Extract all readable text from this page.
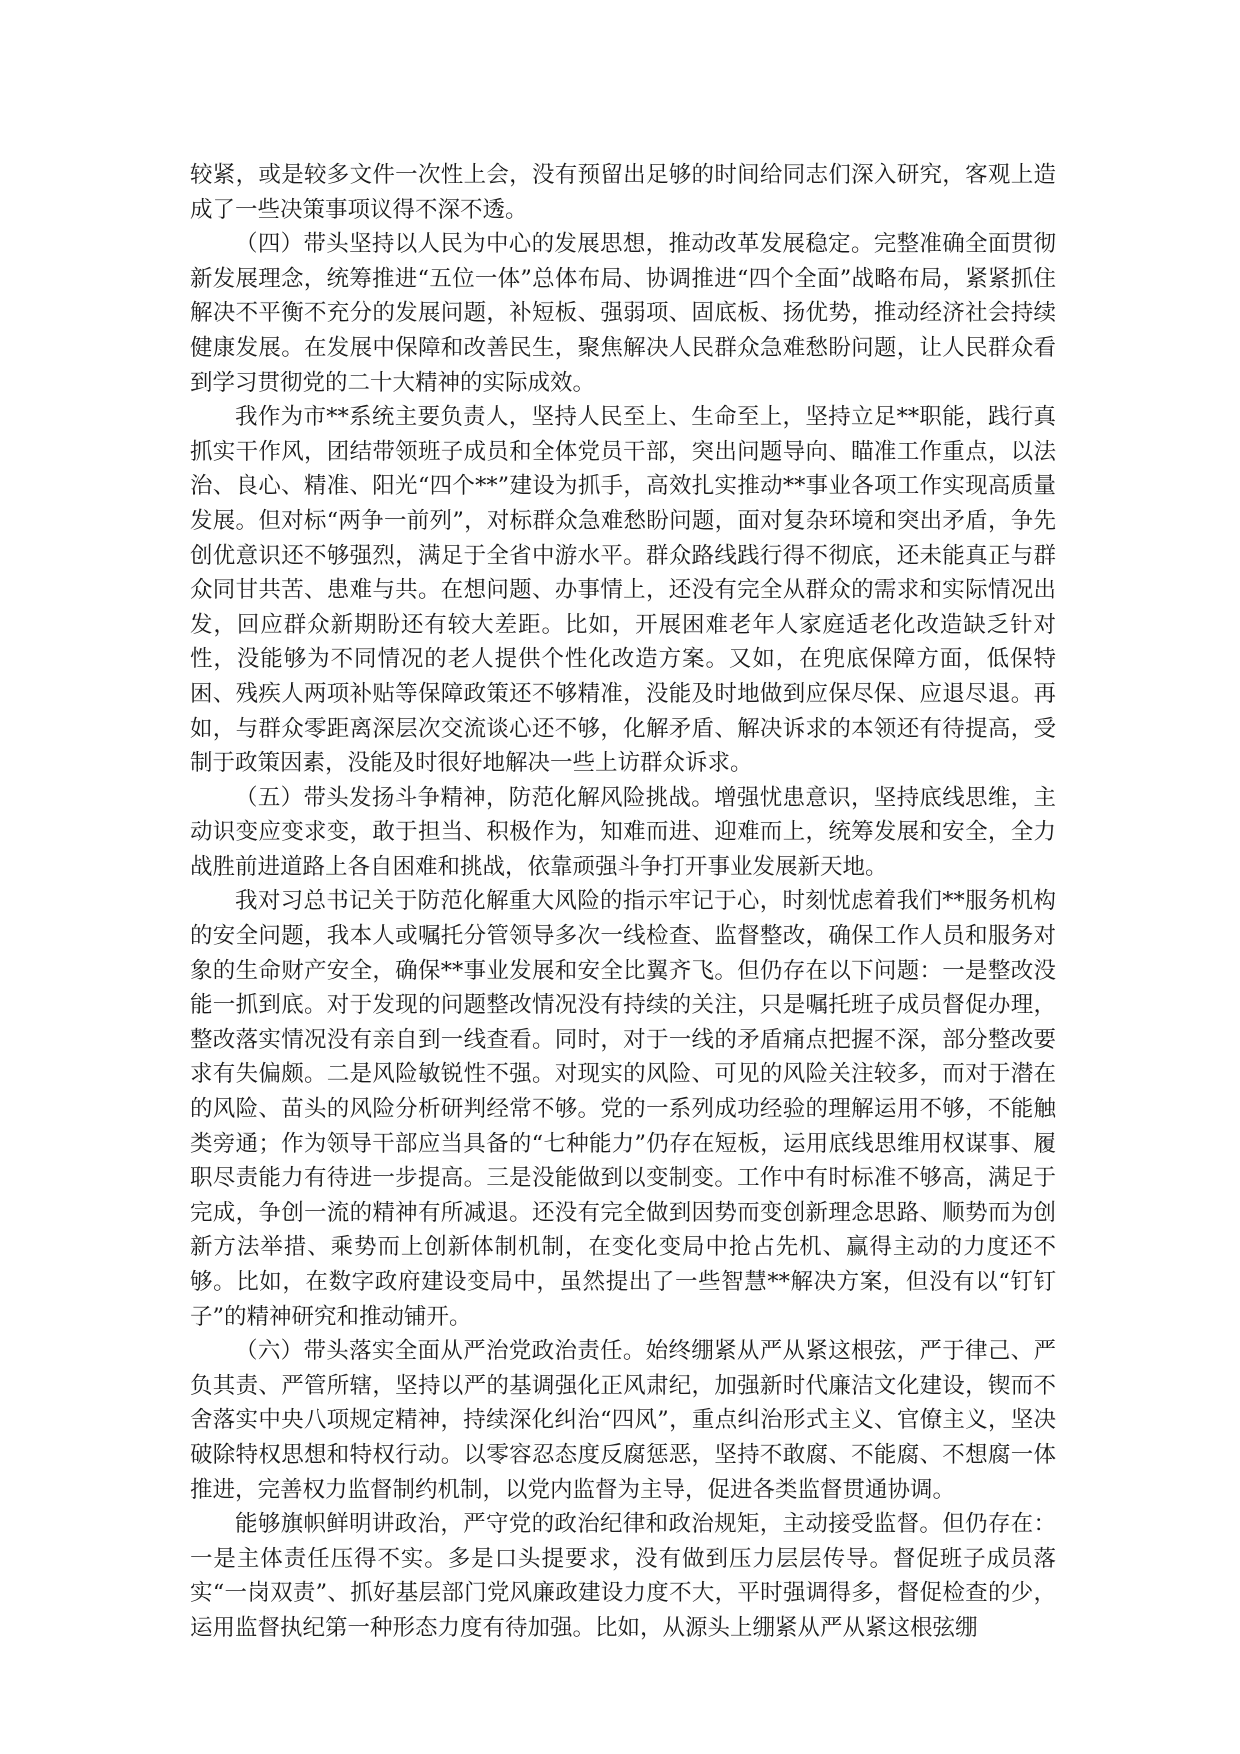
较紧，或是较多文件一次性上会，没有预留出足够的时间给同志们深入研究，客观上造成了一些决策事项议得不深不透。

（四）带头坚持以人民为中心的发展思想，推动改革发展稳定。完整准确全面贯彻新发展理念，统筹推进“五位一体”总体布局、协调推进“四个全面”战略布局，紧紧抓住解决不平衡不充分的发展问题，补短板、强弱项、固底板、扬优势，推动经济社会持续健康发展。在发展中保障和改善民生，聚焦解决人民群众急难愁盼问题，让人民群众看到学习贯彻党的二十大精神的实际成效。

我作为市**系统主要负责人，坚持人民至上、生命至上，坚持立足**职能，践行真抓实干作风，团结带领班子成员和全体党员干部，突出问题导向、瞄准工作重点，以法治、良心、精准、阳光“四个**”建设为抓手，高效扎实推动**事业各项工作实现高质量发展。但对标“两争一前列”，对标群众急难愁盼问题，面对复杂环境和突出矛盾，争先创优意识还不够强烈，满足于全省中游水平。群众路线践行得不彻底，还未能真正与群众同甘共苦、患难与共。在想问题、办事情上，还没有完全从群众的需求和实际情况出发，回应群众新期盼还有较大差距。比如，开展困难老年人家庭适老化改造缺乏针对性，没能够为不同情况的老人提供个性化改造方案。又如，在兜底保障方面，低保特困、残疾人两项补贴等保障政策还不够精准，没能及时地做到应保尽保、应退尽退。再如，与群众零距离深层次交流谈心还不够，化解矛盾、解决诉求的本领还有待提高，受制于政策因素，没能及时很好地解决一些上访群众诉求。

（五）带头发扬斗争精神，防范化解风险挑战。增强忧患意识，坚持底线思维，主动识变应变求变，敢于担当、积极作为，知难而进、迎难而上，统筹发展和安全，全力战胜前进道路上各自困难和挑战，依靠顽强斗争打开事业发展新天地。

我对习总书记关于防范化解重大风险的指示牢记于心，时刻忧虑着我们**服务机构的安全问题，我本人或嘱托分管领导多次一线检查、监督整改，确保工作人员和服务对象的生命财产安全，确保**事业发展和安全比翼齐飞。但仍存在以下问题：一是整改没能一抓到底。对于发现的问题整改情况没有持续的关注，只是嘱托班子成员督促办理，整改落实情况没有亲自到一线查看。同时，对于一线的矛盾痛点把握不深，部分整改要求有失偏颇。二是风险敏锐性不强。对现实的风险、可见的风险关注较多，而对于潜在的风险、苗头的风险分析研判经常不够。党的一系列成功经验的理解运用不够，不能触类旁通；作为领导干部应当具备的“七种能力”仍存在短板，运用底线思维用权谋事、履职尽责能力有待进一步提高。三是没能做到以变制变。工作中有时标准不够高，满足于完成，争创一流的精神有所减退。还没有完全做到因势而变创新理念思路、顺势而为创新方法举措、乘势而上创新体制机制，在变化变局中抢占先机、赢得主动的力度还不够。比如，在数字政府建设变局中，虽然提出了一些智慧**解决方案，但没有以“钉钉子”的精神研究和推动铺开。

（六）带头落实全面从严治党政治责任。始终绷紧从严从紧这根弦，严于律己、严负其责、严管所辖，坚持以严的基调强化正风肃纪，加强新时代廉洁文化建设，锲而不舍落实中央八项规定精神，持续深化纠治“四风”，重点纠治形式主义、官僚主义，坚决破除特权思想和特权行动。以零容忍态度反腐惩恶，坚持不敢腐、不能腐、不想腐一体推进，完善权力监督制约机制，以党内监督为主导，促进各类监督贯通协调。

能够旗帜鲜明讲政治，严守党的政治纪律和政治规矩，主动接受监督。但仍存在：一是主体责任压得不实。多是口头提要求，没有做到压力层层传导。督促班子成员落实“一岗双责”、抓好基层部门党风廉政建设力度不大，平时强调得多，督促检查的少，运用监督执纪第一种形态力度有待加强。比如，从源头上绷紧从严从紧这根弦绷
